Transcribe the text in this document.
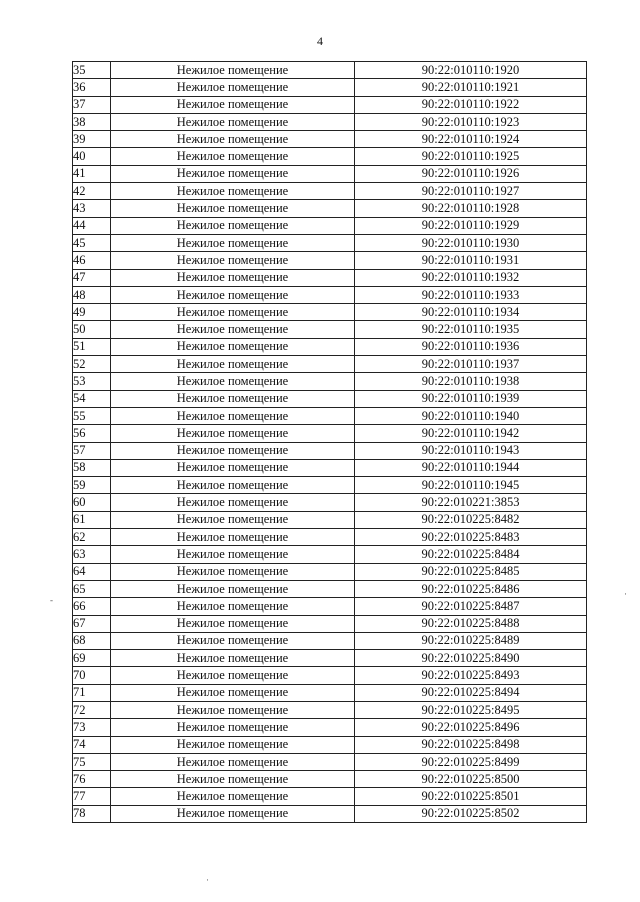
4
35	Нежилое помещение	90:22:010110:1920
36	Нежилое помещение	90:22:010110:1921
37	Нежилое помещение	90:22:010110:1922
38	Нежилое помещение	90:22:010110:1923
39	Нежилое помещение	90:22:010110:1924
40	Нежилое помещение	90:22:010110:1925
41	Нежилое помещение	90:22:010110:1926
42	Нежилое помещение	90:22:010110:1927
43	Нежилое помещение	90:22:010110:1928
44	Нежилое помещение	90:22:010110:1929
45	Нежилое помещение	90:22:010110:1930
46	Нежилое помещение	90:22:010110:1931
47	Нежилое помещение	90:22:010110:1932
48	Нежилое помещение	90:22:010110:1933
49	Нежилое помещение	90:22:010110:1934
50	Нежилое помещение	90:22:010110:1935
51	Нежилое помещение	90:22:010110:1936
52	Нежилое помещение	90:22:010110:1937
53	Нежилое помещение	90:22:010110:1938
54	Нежилое помещение	90:22:010110:1939
55	Нежилое помещение	90:22:010110:1940
56	Нежилое помещение	90:22:010110:1942
57	Нежилое помещение	90:22:010110:1943
58	Нежилое помещение	90:22:010110:1944
59	Нежилое помещение	90:22:010110:1945
60	Нежилое помещение	90:22:010221:3853
61	Нежилое помещение	90:22:010225:8482
62	Нежилое помещение	90:22:010225:8483
63	Нежилое помещение	90:22:010225:8484
64	Нежилое помещение	90:22:010225:8485
65	Нежилое помещение	90:22:010225:8486
66	Нежилое помещение	90:22:010225:8487
67	Нежилое помещение	90:22:010225:8488
68	Нежилое помещение	90:22:010225:8489
69	Нежилое помещение	90:22:010225:8490
70	Нежилое помещение	90:22:010225:8493
71	Нежилое помещение	90:22:010225:8494
72	Нежилое помещение	90:22:010225:8495
73	Нежилое помещение	90:22:010225:8496
74	Нежилое помещение	90:22:010225:8498
75	Нежилое помещение	90:22:010225:8499
76	Нежилое помещение	90:22:010225:8500
77	Нежилое помещение	90:22:010225:8501
78	Нежилое помещение	90:22:010225:8502
-
·
·
